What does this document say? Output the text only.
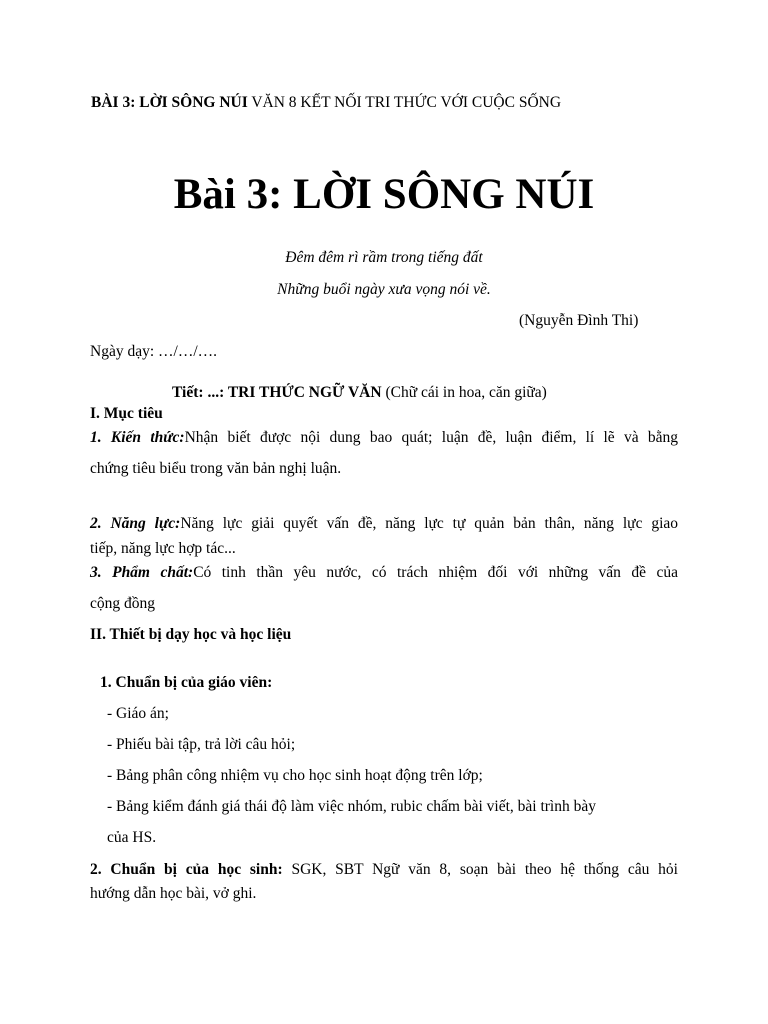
BÀI 3: LỜI SÔNG NÚI VĂN 8 KẾT NỐI TRI THỨC VỚI CUỘC SỐNG
Bài 3: LỜI SÔNG NÚI
Đêm đêm rì rầm trong tiếng đất
Những buổi ngày xưa vọng nói về.
(Nguyễn Đình Thi)
Ngày dạy: …/…/….
Tiết: ...: TRI THỨC NGỮ VĂN (Chữ cái in hoa, căn giữa)
I. Mục tiêu
1. Kiến thức:Nhận biết được nội dung bao quát; luận đề, luận điểm, lí lẽ và bằng
chứng tiêu biểu trong văn bản nghị luận.
2. Năng lực:Năng lực giải quyết vấn đề, năng lực tự quản bản thân, năng lực giao
tiếp, năng lực hợp tác...
3. Phẩm chất:Có tinh thần yêu nước, có trách nhiệm đối với những vấn đề của
cộng đồng
II. Thiết bị dạy học và học liệu
1. Chuẩn bị của giáo viên:
- Giáo án;
- Phiếu bài tập, trả lời câu hỏi;
- Bảng phân công nhiệm vụ cho học sinh hoạt động trên lớp;
- Bảng kiểm đánh giá thái độ làm việc nhóm, rubic chấm bài viết, bài trình bày
của HS.
2. Chuẩn bị của học sinh: SGK, SBT Ngữ văn 8, soạn bài theo hệ thống câu hỏi
hướng dẫn học bài, vở ghi.
